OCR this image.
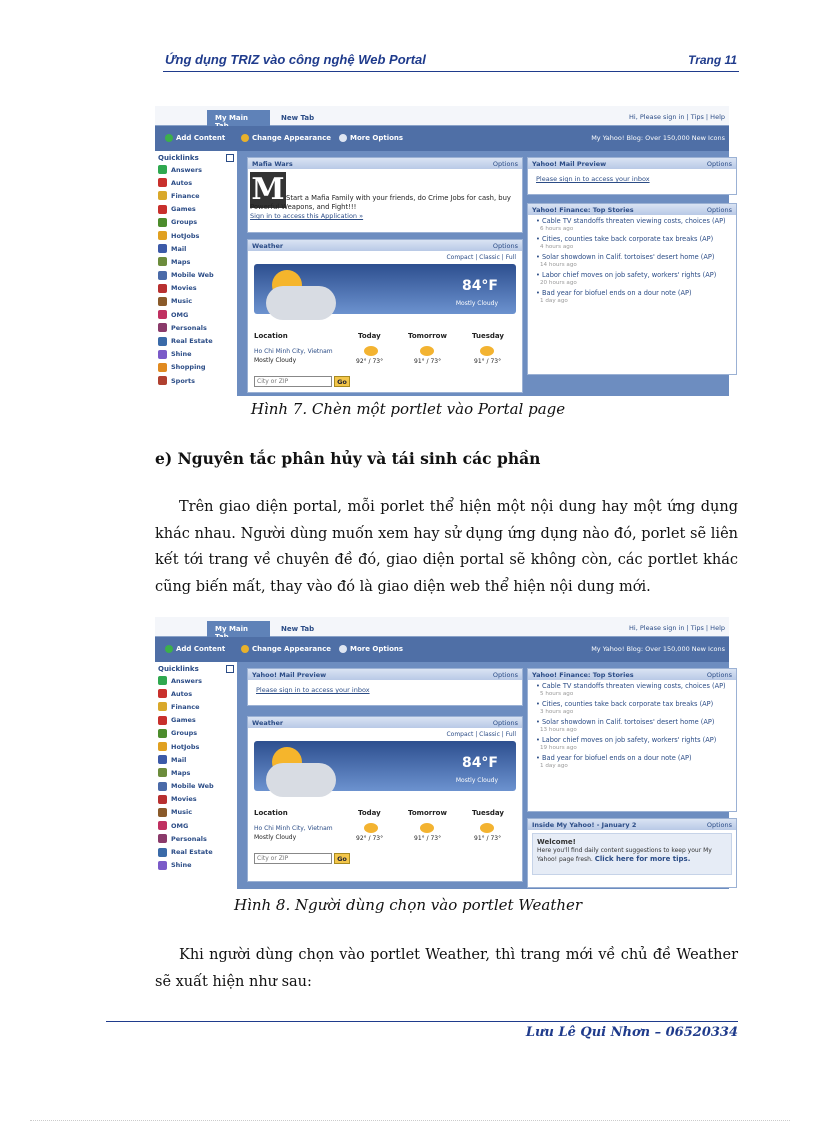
Ứng dụng TRIZ vào công nghệ Web Portal	Trang 11
My Main	New Tab	Hi, Please sign in | Tips | Help
Add Content	Change Appearance	More Options	My Yahoo! Blog: Over 150,000 New Icons
Quicklinks
Answers
Autos
Finance
Games
Groups
HotJobs
Mail
Maps
Mobile Web
Movies
Music
OMG
Personals
Real Estate
Shine
Shopping
Sports
Mafia Wars	Options
M Start a Mafia Family with your friends, do Crime Jobs for cash, buy Powerful Weapons, and Fight!!!
Sign in to access this Application »
Weather	Options
Compact | Classic | Full
84°F
Mostly Cloudy
Location	Today	Tomorrow	Tuesday
Ho Chi Minh City, Vietnam
Mostly Cloudy	92° / 73°	91° / 73°	91° / 73°
City or ZIP	Go
Yahoo! Mail Preview	Options
Please sign in to access your inbox
Yahoo! Finance: Top Stories	Options
• Cable TV standoffs threaten viewing costs, choices (AP)
6 hours ago
• Cities, counties take back corporate tax breaks (AP)
4 hours ago
• Solar showdown in Calif. tortoises' desert home (AP)
14 hours ago
• Labor chief moves on job safety, workers' rights (AP)
20 hours ago
• Bad year for biofuel ends on a dour note (AP)
1 day ago
Hình 7. Chèn một portlet vào Portal page
e) Nguyên tắc phân hủy và tái sinh các phần
Trên giao diện portal, mỗi porlet thể hiện một nội dung hay một ứng dụng khác nhau. Người dùng muốn xem hay sử dụng ứng dụng nào đó, porlet sẽ liên kết tới trang về chuyên đề đó, giao diện portal sẽ không còn, các portlet khác cũng biến mất, thay vào đó là giao diện web thể hiện nội dung mới.
My Main	New Tab	Hi, Please sign in | Tips | Help
Add Content	Change Appearance	More Options	My Yahoo! Blog: Over 150,000 New Icons
Quicklinks
Answers
Autos
Finance
Games
Groups
HotJobs
Mail
Maps
Mobile Web
Movies
Music
OMG
Personals
Real Estate
Shine
Yahoo! Mail Preview	Options
Please sign in to access your inbox
Weather	Options
Compact | Classic | Full
84°F
Mostly Cloudy
Location	Today	Tomorrow	Tuesday
Ho Chi Minh City, Vietnam
Mostly Cloudy	92° / 73°	91° / 73°	91° / 73°
City or ZIP	Go
Yahoo! Finance: Top Stories	Options
• Cable TV standoffs threaten viewing costs, choices (AP)
5 hours ago
• Cities, counties take back corporate tax breaks (AP)
3 hours ago
• Solar showdown in Calif. tortoises' desert home (AP)
13 hours ago
• Labor chief moves on job safety, workers' rights (AP)
19 hours ago
• Bad year for biofuel ends on a dour note (AP)
1 day ago
Inside My Yahoo! - January 2	Options
Welcome!
Here you'll find daily content suggestions to keep your My Yahoo! page fresh. Click here for more tips.
Hình 8. Người dùng chọn vào portlet Weather
Khi người dùng chọn vào portlet Weather, thì trang mới về chủ đề Weather sẽ xuất hiện như sau:
Lưu Lê Qui Nhơn – 06520334
